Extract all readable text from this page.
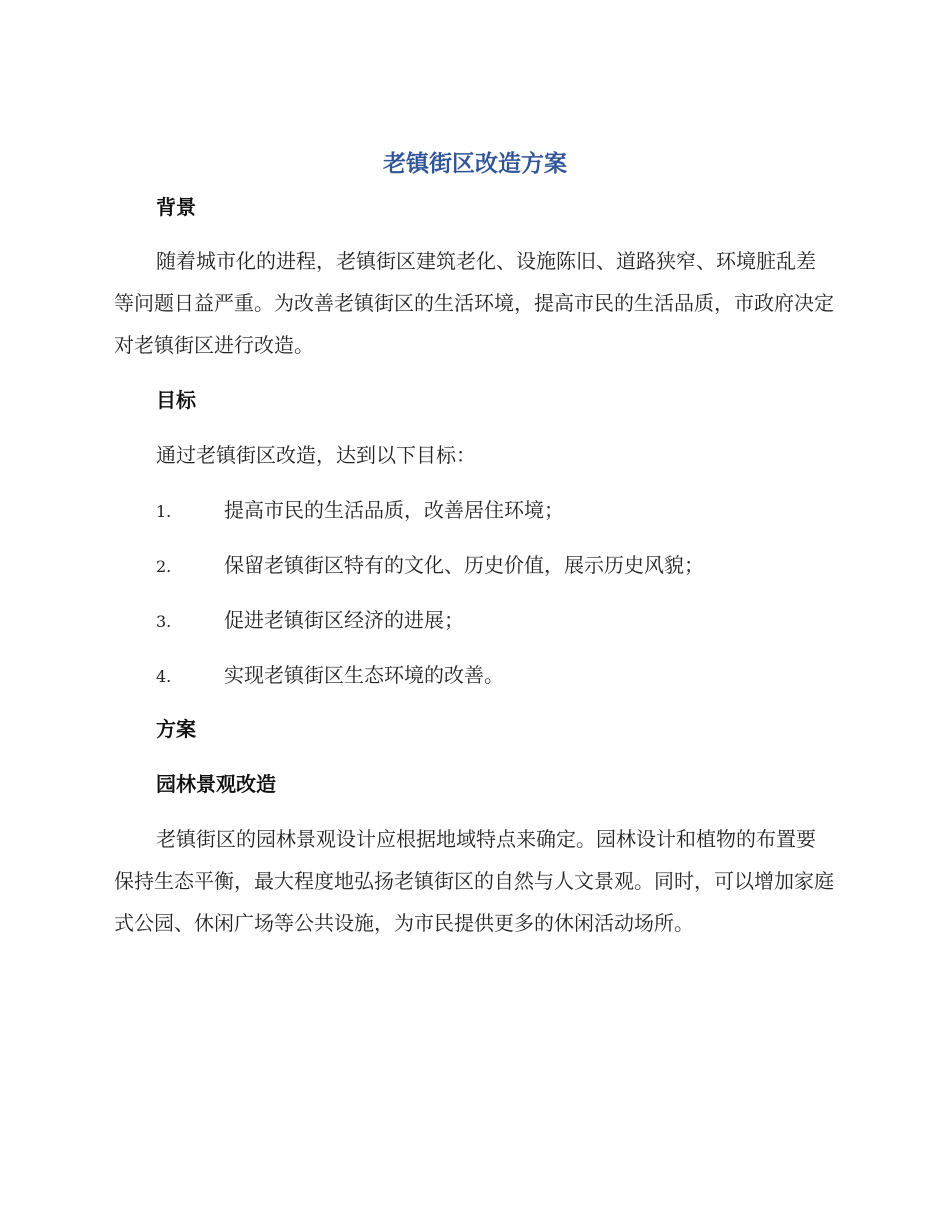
老镇街区改造方案
背景
随着城市化的进程，老镇街区建筑老化、设施陈旧、道路狭窄、环境脏乱差等问题日益严重。为改善老镇街区的生活环境，提高市民的生活品质，市政府决定对老镇街区进行改造。
目标
通过老镇街区改造，达到以下目标：
1.	提高市民的生活品质，改善居住环境；
2.	保留老镇街区特有的文化、历史价值，展示历史风貌；
3.	促进老镇街区经济的进展；
4.	实现老镇街区生态环境的改善。
方案
园林景观改造
老镇街区的园林景观设计应根据地域特点来确定。园林设计和植物的布置要保持生态平衡，最大程度地弘扬老镇街区的自然与人文景观。同时，可以增加家庭式公园、休闲广场等公共设施，为市民提供更多的休闲活动场所。
